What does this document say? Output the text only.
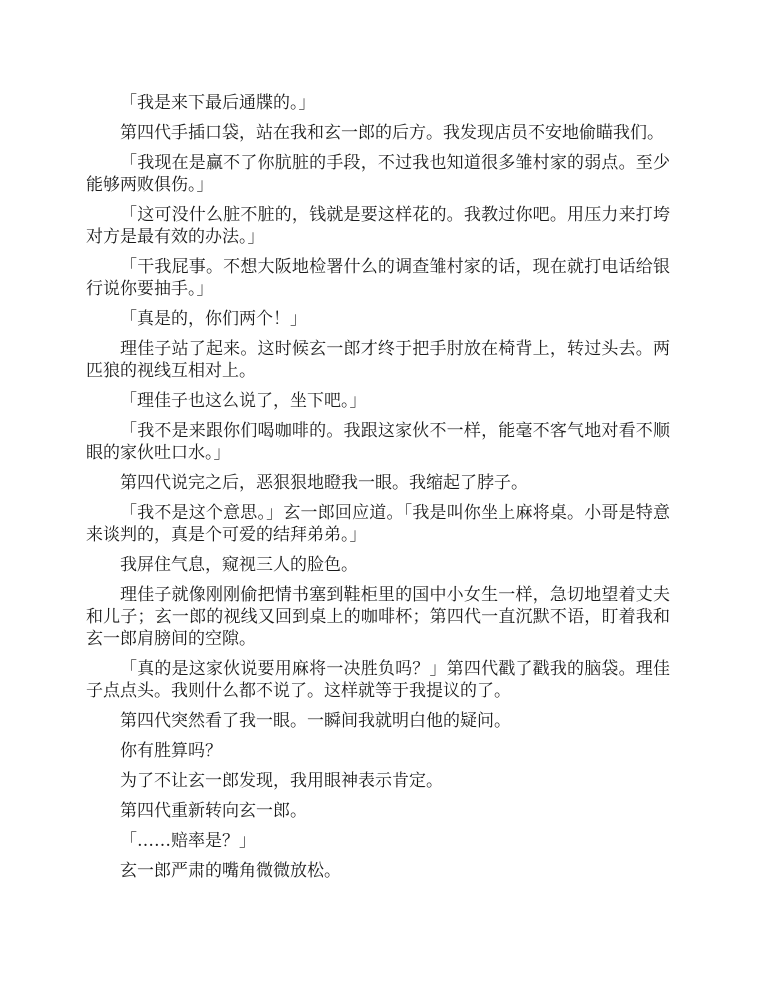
「我是来下最后通牒的。」

第四代手插口袋，站在我和玄一郎的后方。我发现店员不安地偷瞄我们。

「我现在是赢不了你肮脏的手段，不过我也知道很多雏村家的弱点。至少能够两败俱伤。」

「这可没什么脏不脏的，钱就是要这样花的。我教过你吧。用压力来打垮对方是最有效的办法。」

「干我屁事。不想大阪地检署什么的调查雏村家的话，现在就打电话给银行说你要抽手。」

「真是的，你们两个！」

理佳子站了起来。这时候玄一郎才终于把手肘放在椅背上，转过头去。两匹狼的视线互相对上。

「理佳子也这么说了，坐下吧。」

「我不是来跟你们喝咖啡的。我跟这家伙不一样，能毫不客气地对看不顺眼的家伙吐口水。」

第四代说完之后，恶狠狠地瞪我一眼。我缩起了脖子。

「我不是这个意思。」玄一郎回应道。「我是叫你坐上麻将桌。小哥是特意来谈判的，真是个可爱的结拜弟弟。」

我屏住气息，窥视三人的脸色。

理佳子就像刚刚偷把情书塞到鞋柜里的国中小女生一样，急切地望着丈夫和儿子；玄一郎的视线又回到桌上的咖啡杯；第四代一直沉默不语，盯着我和玄一郎肩膀间的空隙。

「真的是这家伙说要用麻将一决胜负吗？」第四代戳了戳我的脑袋。理佳子点点头。我则什么都不说了。这样就等于我提议的了。

第四代突然看了我一眼。一瞬间我就明白他的疑问。

你有胜算吗？

为了不让玄一郎发现，我用眼神表示肯定。

第四代重新转向玄一郎。

「……赔率是？」

玄一郎严肃的嘴角微微放松。
